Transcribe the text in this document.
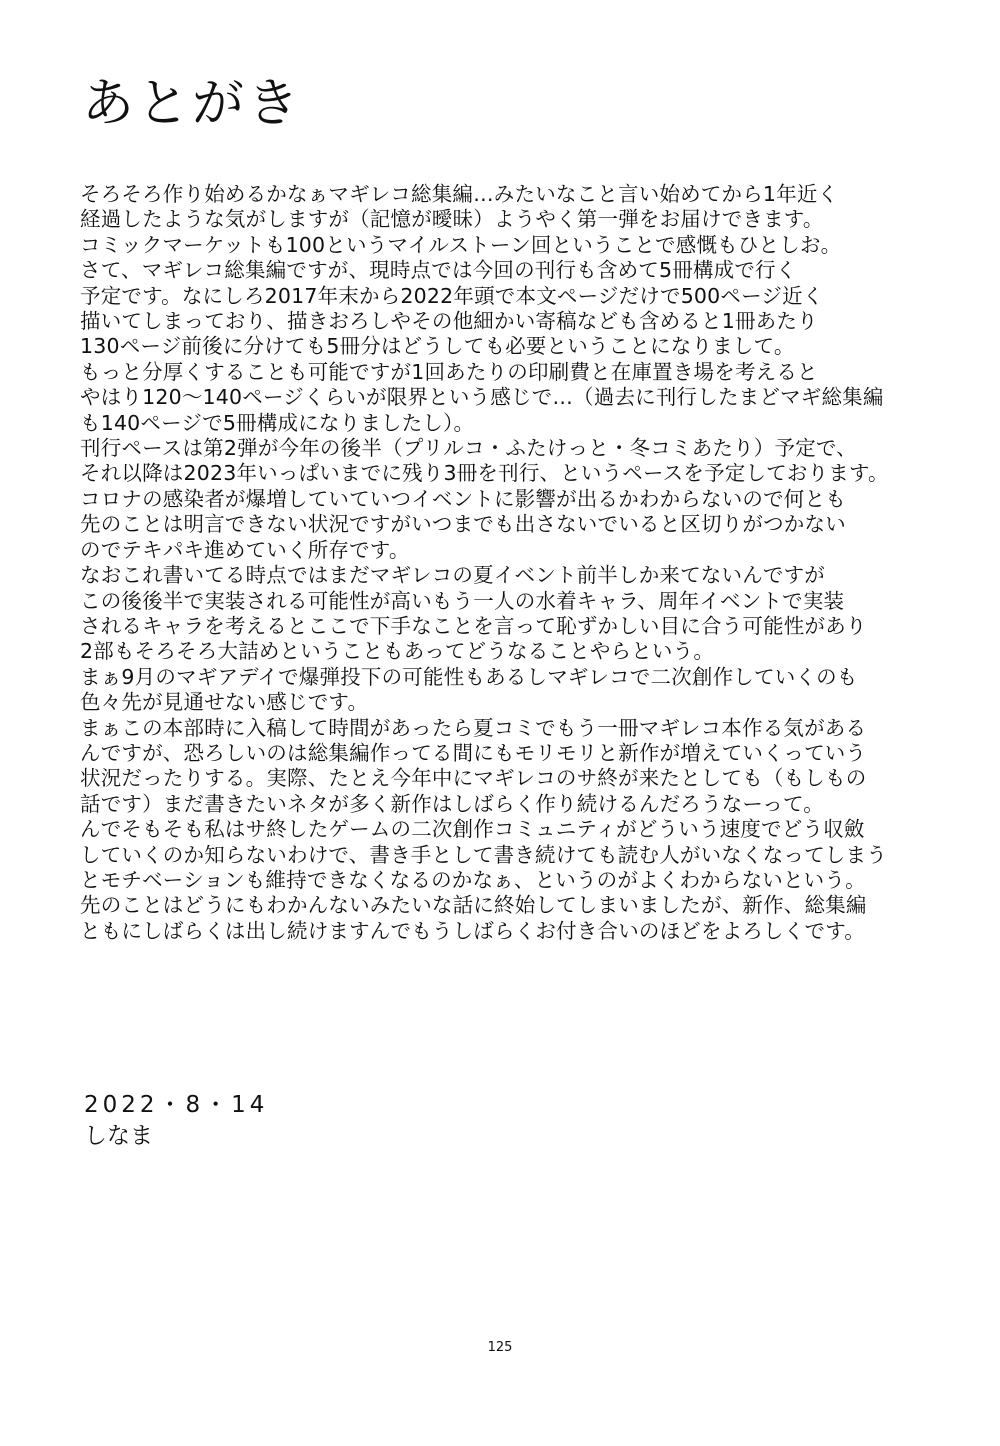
あとがき
そろそろ作り始めるかなぁマギレコ総集編…みたいなこと言い始めてから1年近く
経過したような気がしますが（記憶が曖昧）ようやく第一弾をお届けできます。
コミックマーケットも100というマイルストーン回ということで感慨もひとしお。
さて、マギレコ総集編ですが、現時点では今回の刊行も含めて5冊構成で行く
予定です。なにしろ2017年末から2022年頭で本文ページだけで500ページ近く
描いてしまっており、描きおろしやその他細かい寄稿なども含めると1冊あたり
130ページ前後に分けても5冊分はどうしても必要ということになりまして。
もっと分厚くすることも可能ですが1回あたりの印刷費と在庫置き場を考えると
やはり120～140ページくらいが限界という感じで…（過去に刊行したまどマギ総集編
も140ページで5冊構成になりましたし）。
刊行ペースは第2弾が今年の後半（プリルコ・ふたけっと・冬コミあたり）予定で、
それ以降は2023年いっぱいまでに残り3冊を刊行、というペースを予定しております。
コロナの感染者が爆増していていつイベントに影響が出るかわからないので何とも
先のことは明言できない状況ですがいつまでも出さないでいると区切りがつかない
のでテキパキ進めていく所存です。
なおこれ書いてる時点ではまだマギレコの夏イベント前半しか来てないんですが
この後後半で実装される可能性が高いもう一人の水着キャラ、周年イベントで実装
されるキャラを考えるとここで下手なことを言って恥ずかしい目に合う可能性があり
2部もそろそろ大詰めということもあってどうなることやらという。
まぁ9月のマギアデイで爆弾投下の可能性もあるしマギレコで二次創作していくのも
色々先が見通せない感じです。
まぁこの本部時に入稿して時間があったら夏コミでもう一冊マギレコ本作る気がある
んですが、恐ろしいのは総集編作ってる間にもモリモリと新作が増えていくっていう
状況だったりする。実際、たとえ今年中にマギレコのサ終が来たとしても（もしもの
話です）まだ書きたいネタが多く新作はしばらく作り続けるんだろうなーって。
んでそもそも私はサ終したゲームの二次創作コミュニティがどういう速度でどう収斂
していくのか知らないわけで、書き手として書き続けても読む人がいなくなってしまう
とモチベーションも維持できなくなるのかなぁ、というのがよくわからないという。
先のことはどうにもわかんないみたいな話に終始してしまいましたが、新作、総集編
ともにしばらくは出し続けますんでもうしばらくお付き合いのほどをよろしくです。
2022・8・14
しなま
125
